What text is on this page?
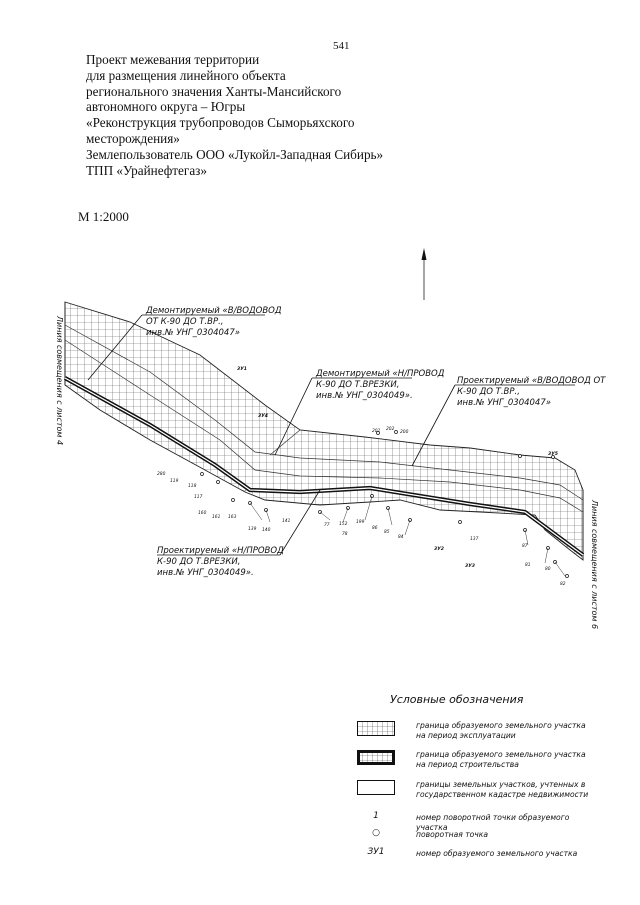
541
Проект межевания территории
для размещения линейного объекта
регионального значения Ханты-Мансийского
автономного округа – Югры
«Реконструкция трубопроводов Сыморьяхского
месторождения»
Землепользователь ООО «Лукойл-Западная Сибирь»
ТПП «Урайнефтегаз»
М 1:2000
Демонтируемый «В/ВОДОВОД
ОТ К-90 ДО Т.ВР.,
инв.№ УНГ_0304047»
Демонтируемый «Н/ПРОВОД
К-90 ДО Т.ВРЕЗКИ,
инв.№ УНГ_0304049».
Проектируемый «В/ВОДОВОД ОТ
К-90 ДО Т.ВР.,
инв.№ УНГ_0304047»
Проектируемый «Н/ПРОВОД
К-90 ДО Т.ВРЕЗКИ,
инв.№ УНГ_0304049».
3У1
3У2
3У3
3У4
3У5
280
119
118
117
160
161 163
139 140
141
77 152
78
199
86
85
84
201 202
200
137
87
81
80
82
Линия совмещения с листом 4
Линия совмещения с листом 6
Условные обозначения
граница образуемого земельного участка на период эксплуатации
граница образуемого земельного участка на период строительства
границы земельных участков, учтенных в государственном кадастре недвижимости
1	номер поворотной точки образуемого участка
○	поворотная точка
ЗУ1	номер образуемого земельного участка
